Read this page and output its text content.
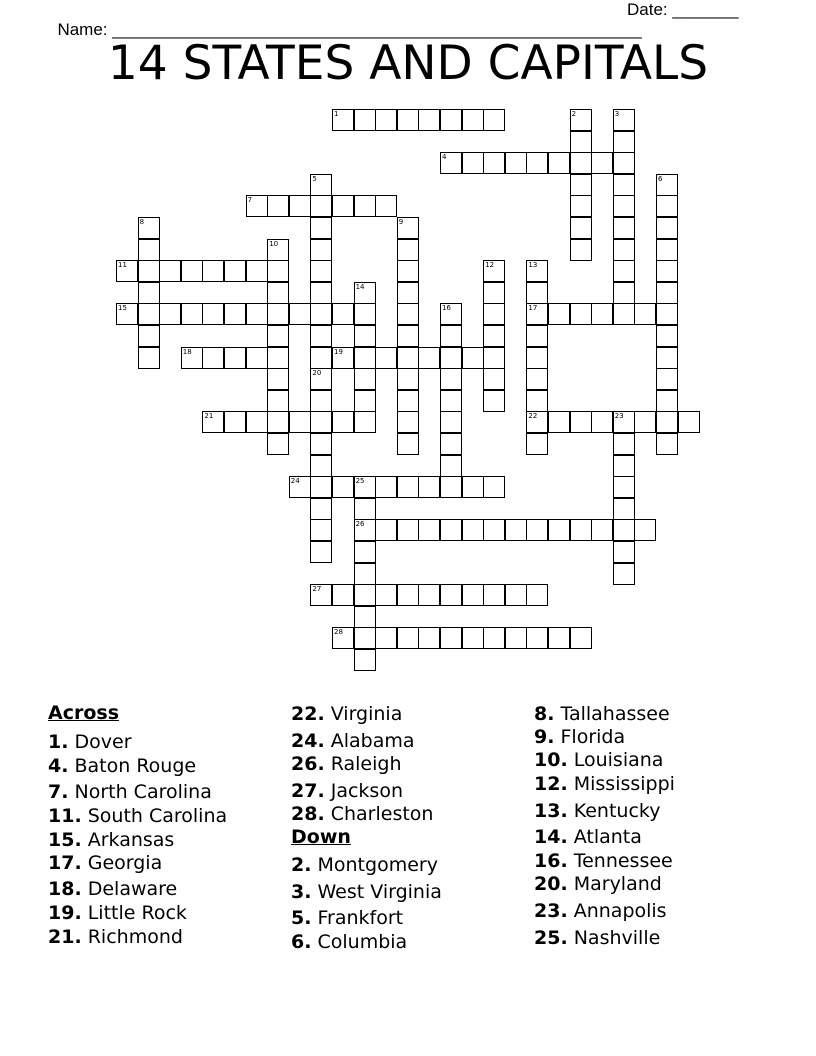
Name: ________________________________________________________

Date: _______

14 STATES AND CAPITALS
1
4
7
11
15	17
18	19
21	22
24
26
27
28
2	3
5	6
8	9
10
12	13
14
16
20
23
25
Across
1. Dover
4. Baton Rouge
7. North Carolina
11. South Carolina
15. Arkansas
17. Georgia
18. Delaware
19. Little Rock
21. Richmond
22. Virginia
24. Alabama
26. Raleigh
27. Jackson
28. Charleston
Down
2. Montgomery
3. West Virginia
5. Frankfort
6. Columbia
8. Tallahassee
9. Florida
10. Louisiana
12. Mississippi
13. Kentucky
14. Atlanta
16. Tennessee
20. Maryland
23. Annapolis
25. Nashville
